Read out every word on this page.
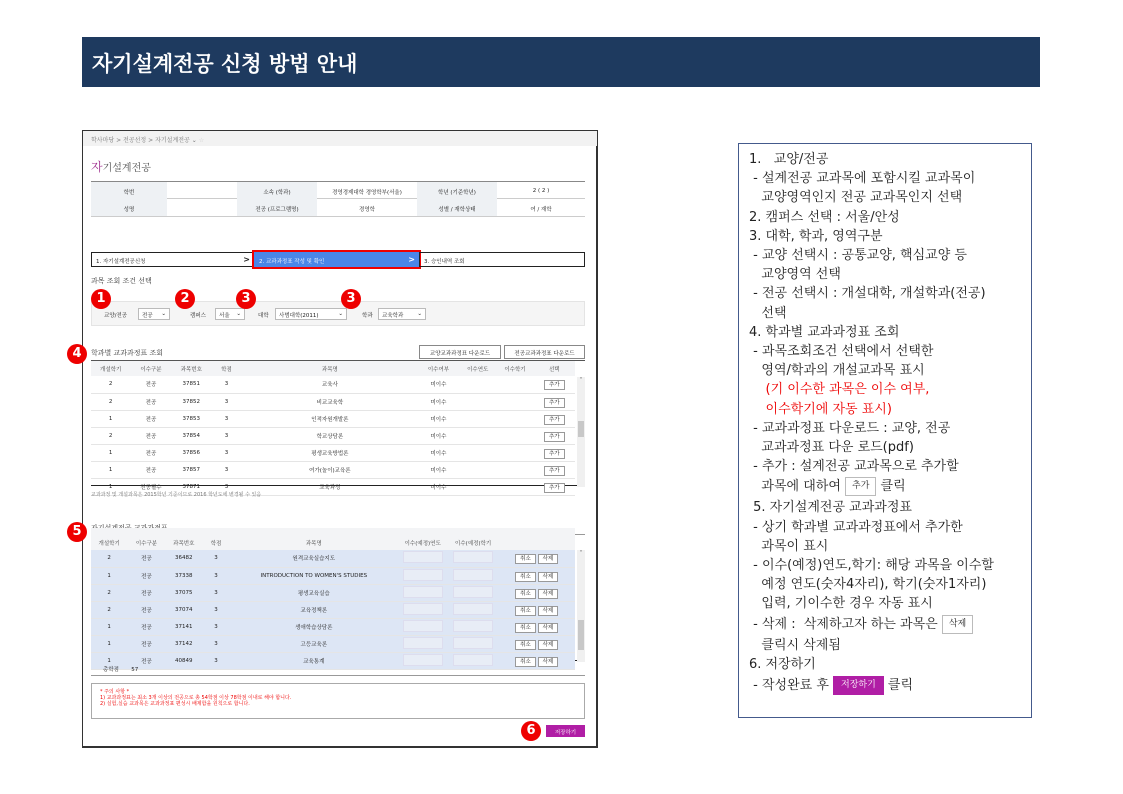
자기설계전공 신청 방법 안내
학사마당 > 전공선정 > 자기설계전공 ⌄ ☆
자기설계전공
1. 자기설계전공신청	>	2. 교과과정표 작성 및 확인	>	3. 승인내역 조회
과목 조회 조건 선택
교양/전공	전공 ⌄	캠퍼스	서울 ⌄	대학	사범대학(2011)	⌄	학과	교육학과	⌄
학과별 교과과정표 조회	교양교과과정표 다운로드	전공교과과정표 다운로드
개설학기	이수구분	과목번호	학점	과목명	이수여부	이수연도	이수학기	선택
2	전공	37851	3	교육사	미이수			추가
2	전공	37852	3	비교교육학	미이수			추가
1	전공	37853	3	인적자원개발론	미이수			추가
2	전공	37854	3	학교상담론	미이수			추가
1	전공	37856	3	평생교육방법론	미이수			추가
1	전공	37857	3	여가(놀이)교육론	미이수			추가
1	전공필수	37871	3	교육과정	미이수			추가
˄
교과과정 및 개설과목은 2015학년 기준이므로 2016 학년도에 변경될 수 있음
개설학기	이수구분	과목번호	학점	과목명	이수(예정)연도	이수(예정)학기	
2	전공	36482	3	원격교육실습지도			취소 삭제
1	전공	37338	3	INTRODUCTION TO WOMEN'S STUDIES			취소 삭제
2	전공	37075	3	평생교육실습			취소 삭제
2	전공	37074	3	교육정책론			취소 삭제
1	전공	37141	3	생애학습상담론			취소 삭제
1	전공	37142	3	고등교육론			취소 삭제
1	전공	40849	3	교육통계			취소 삭제
˄
총학점 57
* 주의 사항 *
1) 교과과정표는 최소 3개 이상의 전공으로 총 54학점 이상 78학점 이내로 해야 합니다.
2) 실험,실습 교과목은 교과과정표 편성시 배제함을 원칙으로 합니다.
저장하기
1	2	3	3
4
5
6
학번	소속 (학과)	경영경제대학 경영학부(서울)	학년 (기준학년)	2 ( 2 )
성명	전공 (프로그램명)	경영학	성별 / 재학상태	여 / 재학
1.   교양/전공
- 설계전공 교과목에 포함시킬 교과목이
교양영역인지 전공 교과목인지 선택
2. 캠퍼스 선택 : 서울/안성
3. 대학, 학과, 영역구분
- 교양 선택시 : 공통교양, 핵심교양 등
교양영역 선택
- 전공 선택시 : 개설대학, 개설학과(전공)
선택
4. 학과별 교과과정표 조회
- 과목조회조건 선택에서 선택한
영역/학과의 개설교과목 표시
(기 이수한 과목은 이수 여부,
이수학기에 자동 표시)
- 교과과정표 다운로드 : 교양, 전공
교과과정표 다운 로드(pdf)
- 추가 : 설계전공 교과목으로 추가할
과목에 대하여 추가 클릭
5. 자기설계전공 교과과정표
- 상기 학과별 교과과정표에서 추가한
과목이 표시
- 이수(예정)연도,학기: 해당 과목을 이수할
예정 연도(숫자4자리), 학기(숫자1자리)
입력, 기이수한 경우 자동 표시
- 삭제 :  삭제하고자 하는 과목은 삭제
클릭시 삭제됨
6. 저장하기
- 작성완료 후 저장하기 클릭
